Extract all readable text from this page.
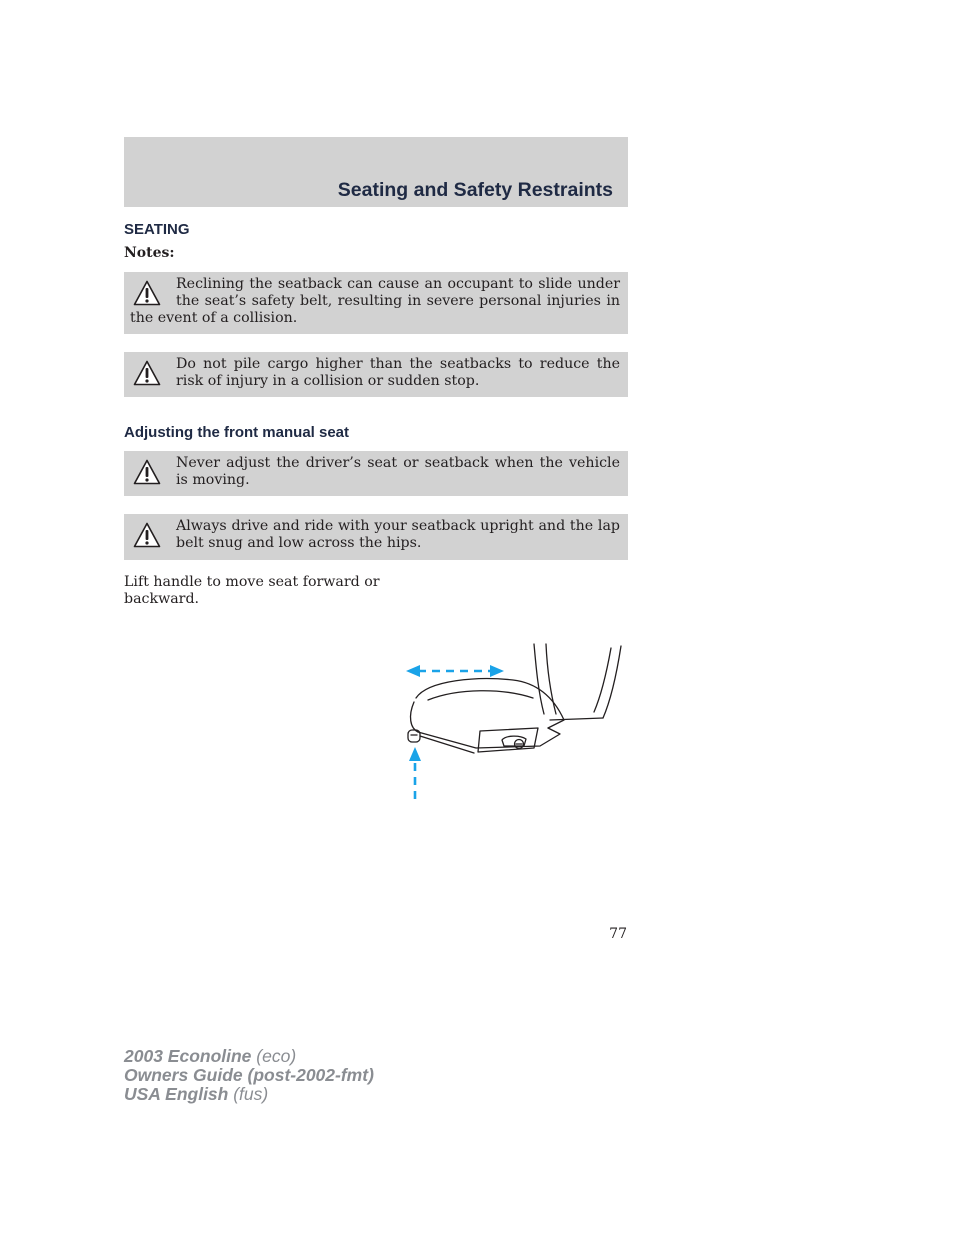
Seating and Safety Restraints
SEATING
Notes:

Reclining the seatback can cause an occupant to slide under the seat’s safety belt, resulting in severe personal injuries in the event of a collision.

Do not pile cargo higher than the seatbacks to reduce the risk of injury in a collision or sudden stop.

Adjusting the front manual seat

Never adjust the driver’s seat or seatback when the vehicle is moving.

Always drive and ride with your seatback upright and the lap belt snug and low across the hips.

Lift handle to move seat forward or backward.
77
2003 Econoline (eco)
Owners Guide (post-2002-fmt)
USA English (fus)
